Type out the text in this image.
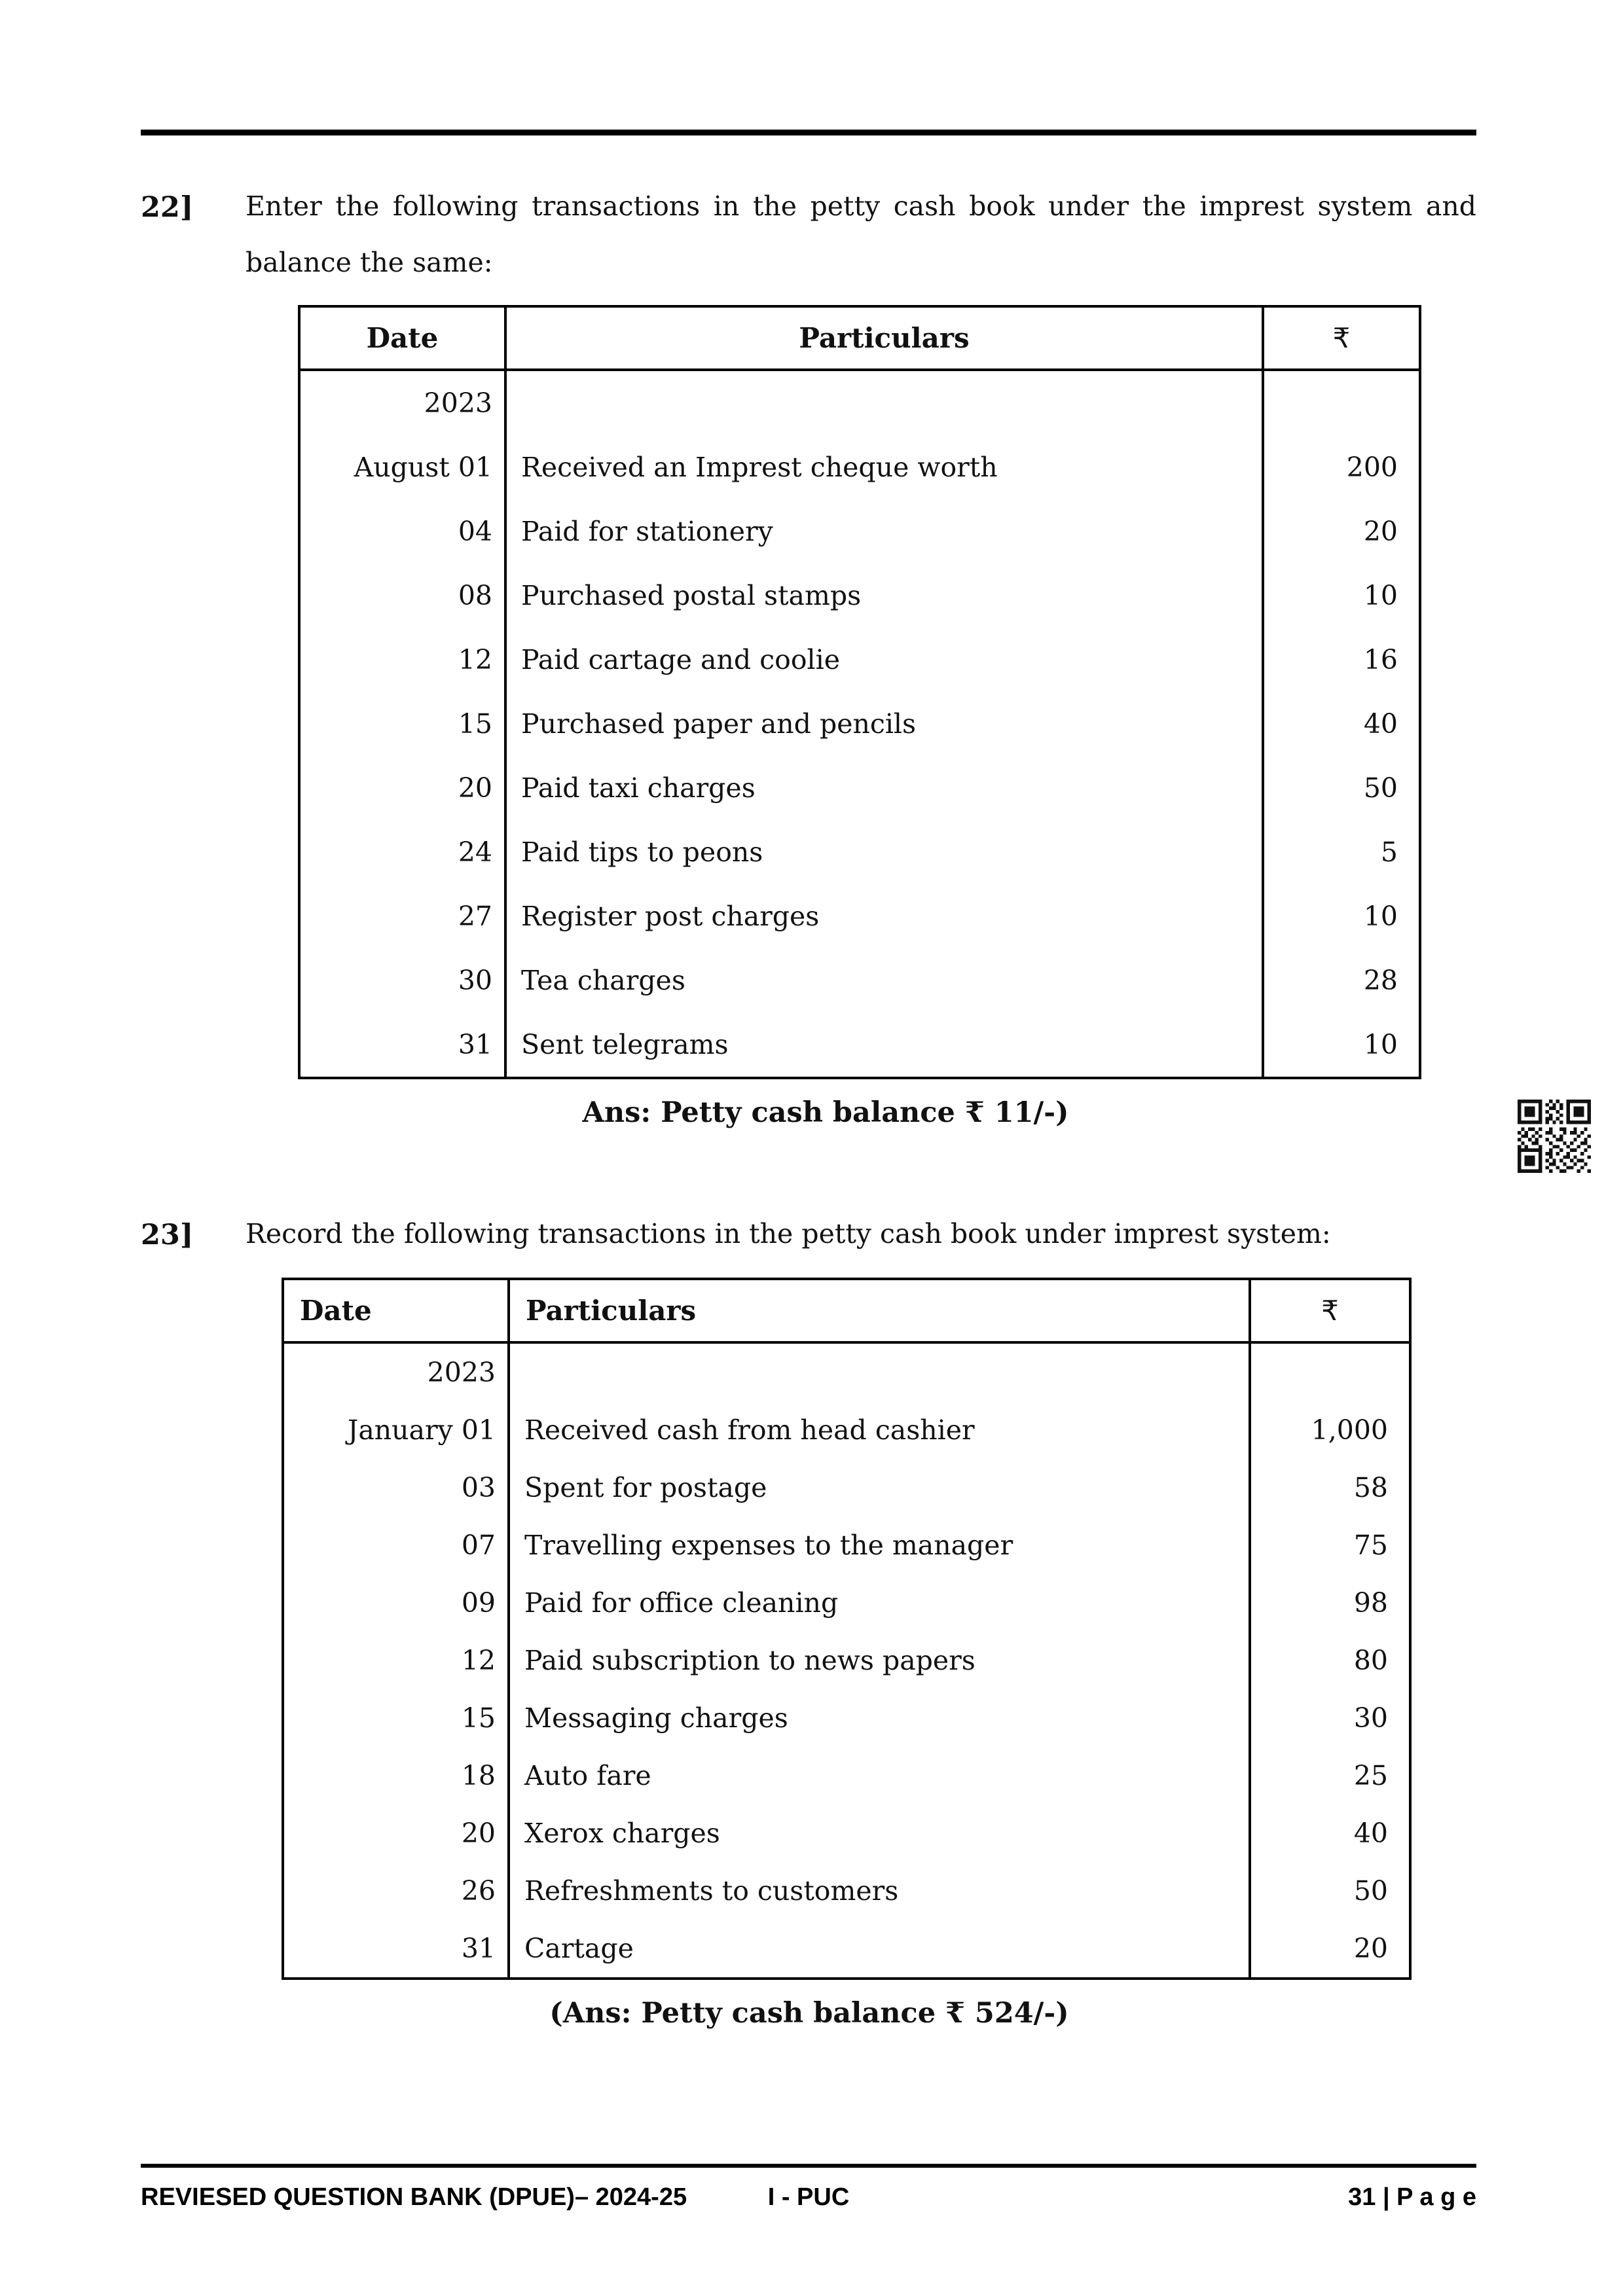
22]	Enter the following transactions in the petty cash book under the imprest system and balance the same:
Date	Particulars	₹
2023		
August 01	Received an Imprest cheque worth	200
04	Paid for stationery	20
08	Purchased postal stamps	10
12	Paid cartage and coolie	16
15	Purchased paper and pencils	40
20	Paid taxi charges	50
24	Paid tips to peons	5
27	Register post charges	10
30	Tea charges	28
31	Sent telegrams	10
Ans: Petty cash balance ₹ 11/-)
23]	Record the following transactions in the petty cash book under imprest system:
Date	Particulars	₹
2023		
January 01	Received cash from head cashier	1,000
03	Spent for postage	58
07	Travelling expenses to the manager	75
09	Paid for office cleaning	98
12	Paid subscription to news papers	80
15	Messaging charges	30
18	Auto fare	25
20	Xerox charges	40
26	Refreshments to customers	50
31	Cartage	20
(Ans: Petty cash balance ₹ 524/-)
REVIESED QUESTION BANK (DPUE)– 2024-25	I - PUC	31 | P a g e
